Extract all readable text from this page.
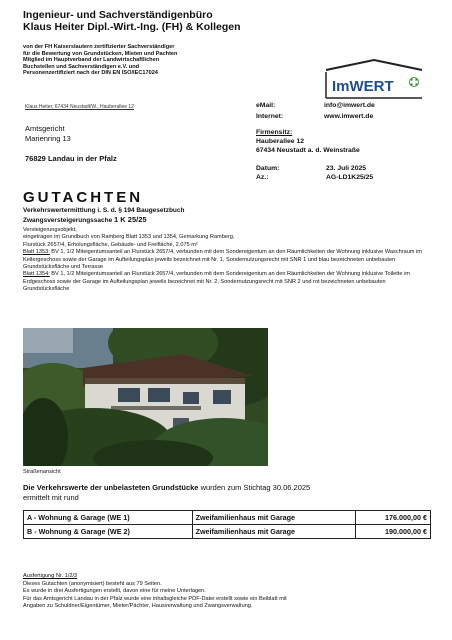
Ingenieur- und Sachverständigenbüro
Klaus Heiter Dipl.-Wirt.-Ing. (FH) & Kollegen
von der FH Kaiserslautern zertifizierter Sachverständiger
für die Bewertung von Grundstücken, Mieten und Pachten
Mitglied im Hauptverband der Landwirtschaftlichen
Buchstellen und Sachverständigen e.V. und
Personenzertifiziert nach der DIN EN ISO/IEC17024
ImWERT
Klaus Heiter, 67434 Neustadt/W., Hauberallee 12
Amtsgericht
Marienring 13
76829 Landau in der Pfalz
eMail:	info@imwert.de
Internet:	www.imwert.de
Firmensitz:
Hauberallee 12
67434 Neustadt a. d. Weinstraße
Datum:	23. Juli 2025
Az.:	AG-LD1K25/25
GUTACHTEN
Verkehrswertermittlung i. S. d. § 194 Baugesetzbuch
Zwangsversteigerungssache 1 K 25/25
Versteigerungsobjekt,
eingetragen im Grundbuch von Ramberg Blatt 1353 und 1354, Gemarkung Ramberg,
Flurstück 2657/4, Erholungsfläche, Gebäude- und Freifläche, 2.075 m²
Blatt 1353: BV 1, 1/2 Miteigentumsanteil an Flurstück 2657/4, verbunden mit dem Sondereigentum an den Räumlichkeiten der Wohnung inklusive Waschraum im Kellergeschoss sowie der Garage im Aufteilungsplan jeweils bezeichnet mit Nr. 1, Sondernutzungsrecht mit SNR 1 und blau bezeichneten unbebauten Grundstücksfläche und Terrasse
Blatt 1354: BV 1, 1/2 Miteigentumsanteil an Flurstück 2657/4, verbunden mit dem Sondereigentum an den Räumlichkeiten der Wohnung inklusive Toilette im Erdgeschoss sowie der Garage im Aufteilungsplan jeweils bezeichnet mit Nr. 2, Sondernutzungsrecht mit SNR 2 und rot bezeichneten unbebauten Grundstücksfläche
Straßenansicht
Die Verkehrswerte der unbelasteten Grundstücke wurden zum Stichtag 30.06.2025
ermittelt mit rund
A - Wohnung & Garage (WE 1)	Zweifamilienhaus mit Garage	176.000,00 €
B - Wohnung & Garage (WE 2)	Zweifamilienhaus mit Garage	190.000,00 €
Ausfertigung Nr. 1/2/3
Dieses Gutachten (anonymisiert) besteht aus 79 Seiten.
Es wurde in drei Ausfertigungen erstellt, davon eine für meine Unterlagen.
Für das Amtsgericht Landau in der Pfalz wurde eine inhaltsgleiche PDF-Datei erstellt sowie ein Beiblatt mit
Angaben zu Schuldner/Eigentümer, Mieter/Pächter, Hausverwaltung und Zwangsverwaltung.
